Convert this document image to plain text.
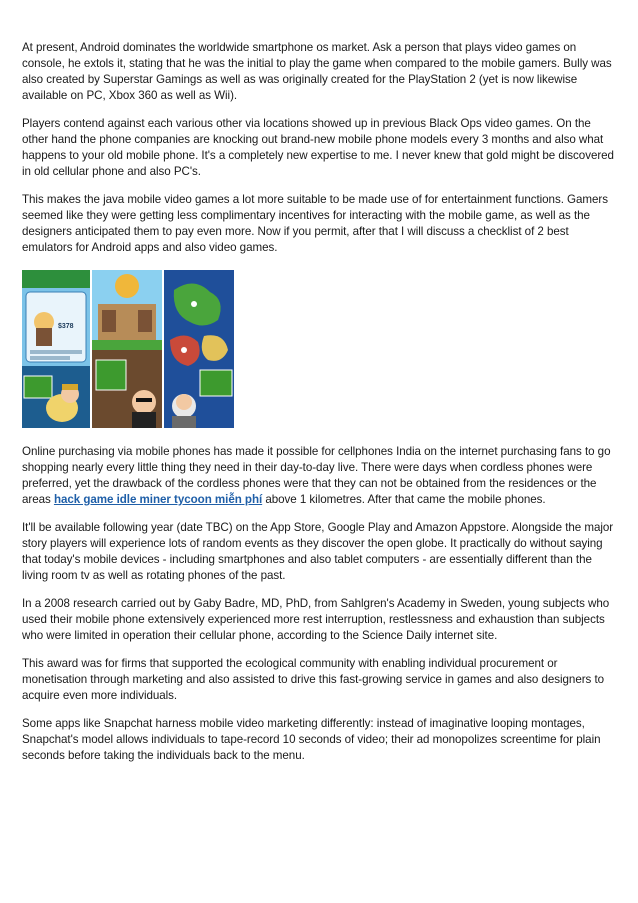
At present, Android dominates the worldwide smartphone os market. Ask a person that plays video games on console, he extols it, stating that he was the initial to play the game when compared to the mobile gamers. Bully was also created by Superstar Gamings as well as was originally created for the PlayStation 2 (yet is now likewise available on PC, Xbox 360 as well as Wii).

Players contend against each various other via locations showed up in previous Black Ops video games. On the other hand the phone companies are knocking out brand-new mobile phone models every 3 months and also what happens to your old mobile phone. It's a completely new expertise to me. I never knew that gold might be discovered in old cellular phone and also PC's.

This makes the java mobile video games a lot more suitable to be made use of for entertainment functions. Gamers seemed like they were getting less complimentary incentives for interacting with the mobile game, as well as the designers anticipated them to pay even more. Now if you permit, after that I will discuss a checklist of 2 best emulators for Android apps and also video games.

$378

Online purchasing via mobile phones has made it possible for cellphones India on the internet purchasing fans to go shopping nearly every little thing they need in their day-to-day live. There were days when cordless phones were preferred, yet the drawback of the cordless phones were that they can not be obtained from the residences or the areas hack game idle miner tycoon miễn phí above 1 kilometres. After that came the mobile phones.

It'll be available following year (date TBC) on the App Store, Google Play and Amazon Appstore. Alongside the major story players will experience lots of random events as they discover the open globe. It practically do without saying that today's mobile devices - including smartphones and also tablet computers - are essentially different than the living room tv as well as rotating phones of the past.

In a 2008 research carried out by Gaby Badre, MD, PhD, from Sahlgren's Academy in Sweden, young subjects who used their mobile phone extensively experienced more rest interruption, restlessness and exhaustion than subjects who were limited in operation their cellular phone, according to the Science Daily internet site.

This award was for firms that supported the ecological community with enabling individual procurement or monetisation through marketing and also assisted to drive this fast-growing service in games and also designers to acquire even more individuals.

Some apps like Snapchat harness mobile video marketing differently: instead of imaginative looping montages, Snapchat's model allows individuals to tape-record 10 seconds of video; their ad monopolizes screentime for plain seconds before taking the individuals back to the menu.
